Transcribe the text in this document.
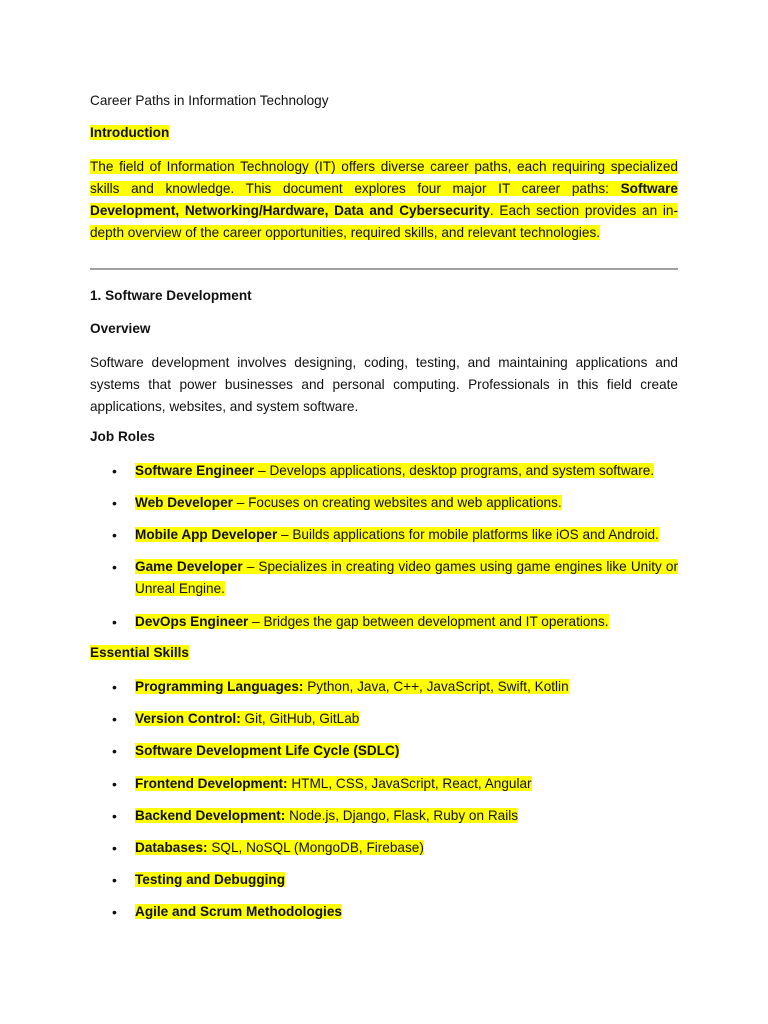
Career Paths in Information Technology

Introduction

The field of Information Technology (IT) offers diverse career paths, each requiring specialized skills and knowledge. This document explores four major IT career paths: Software Development, Networking/Hardware, Data and Cybersecurity. Each section provides an in-depth overview of the career opportunities, required skills, and relevant technologies.

1. Software Development

Overview

Software development involves designing, coding, testing, and maintaining applications and systems that power businesses and personal computing. Professionals in this field create applications, websites, and system software.

Job Roles

• Software Engineer – Develops applications, desktop programs, and system software.
• Web Developer – Focuses on creating websites and web applications.
• Mobile App Developer – Builds applications for mobile platforms like iOS and Android.
• Game Developer – Specializes in creating video games using game engines like Unity or Unreal Engine.
• DevOps Engineer – Bridges the gap between development and IT operations.

Essential Skills

• Programming Languages: Python, Java, C++, JavaScript, Swift, Kotlin
• Version Control: Git, GitHub, GitLab
• Software Development Life Cycle (SDLC)
• Frontend Development: HTML, CSS, JavaScript, React, Angular
• Backend Development: Node.js, Django, Flask, Ruby on Rails
• Databases: SQL, NoSQL (MongoDB, Firebase)
• Testing and Debugging
• Agile and Scrum Methodologies
